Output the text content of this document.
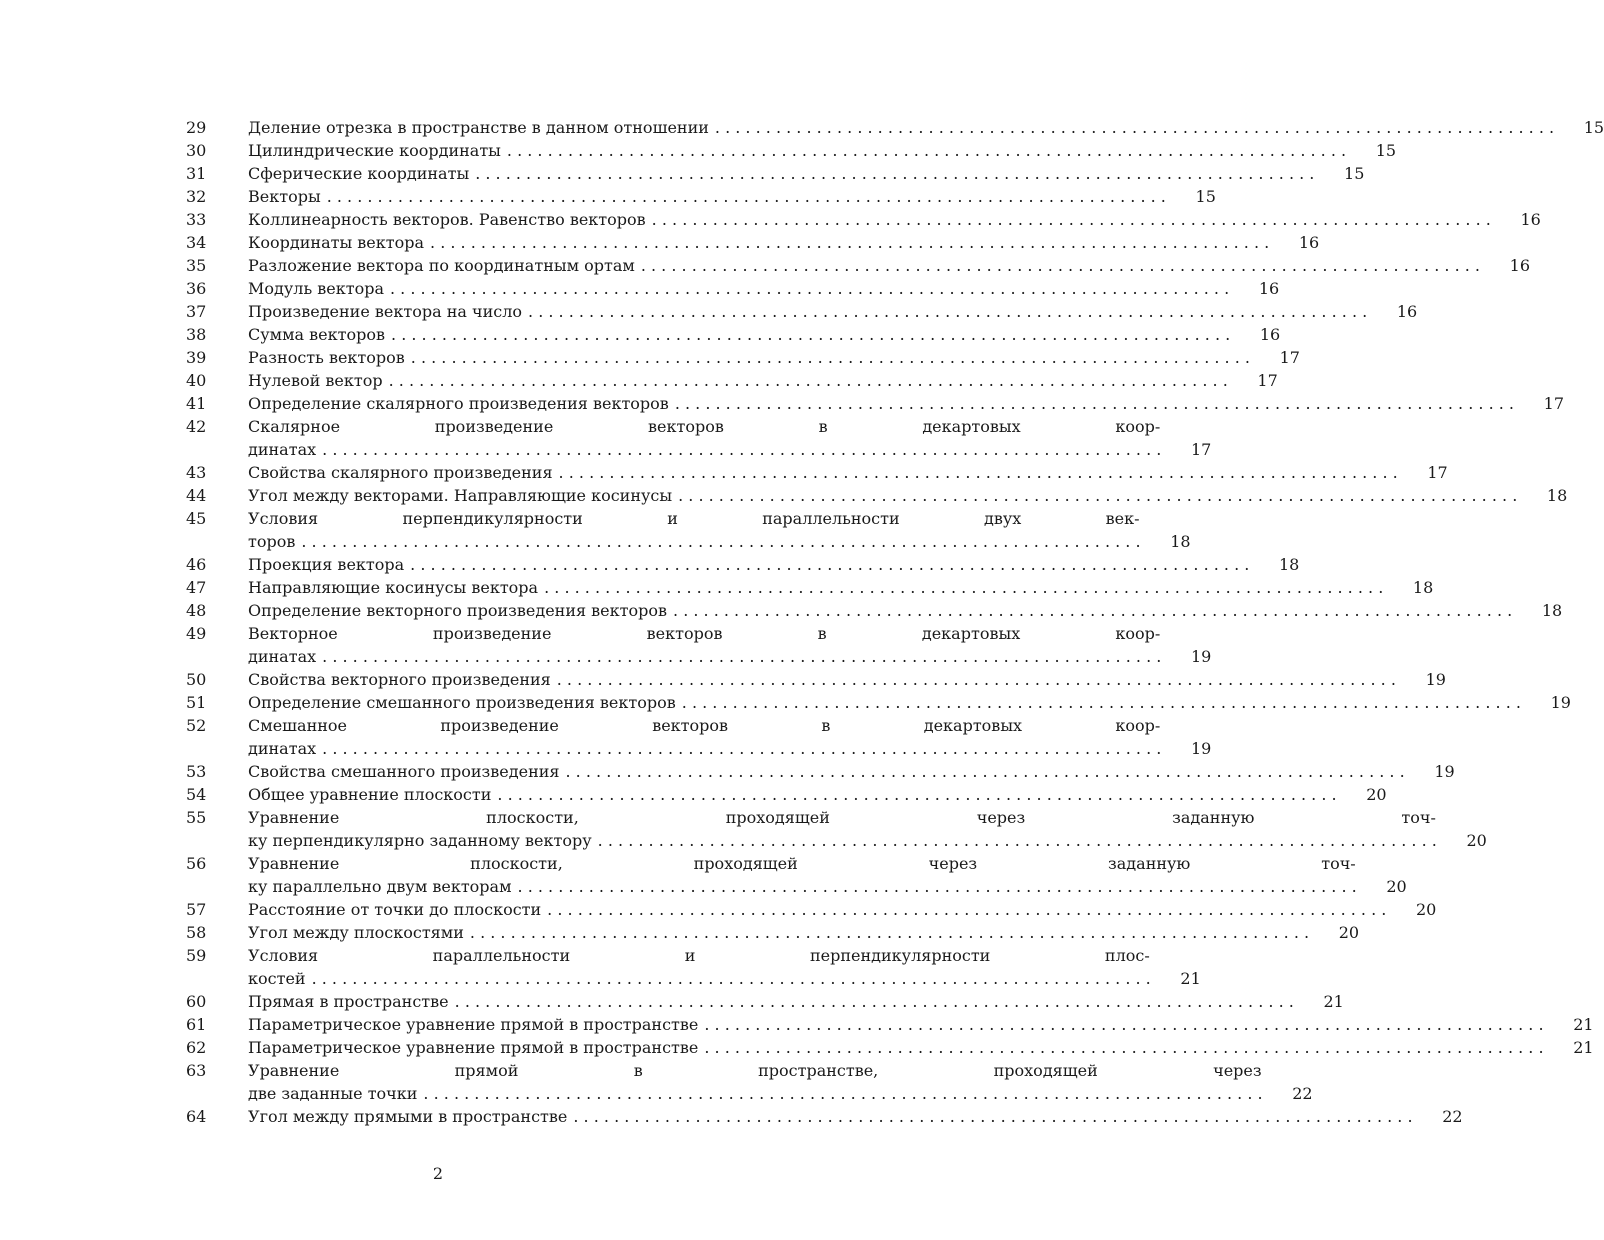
29	Деление отрезка в пространстве в данном отношении . . .	15
30	Цилиндрические координаты . . .	15
31	Сферические координаты . . .	15
32	Векторы . . .	15
33	Коллинеарность векторов. Равенство векторов . . .	16
34	Координаты вектора . . .	16
35	Разложение вектора по координатным ортам . . .	16
36	Модуль вектора . . .	16
37	Произведение вектора на число . . .	16
38	Сумма векторов . . .	16
39	Разность векторов . . .	17
40	Нулевой вектор . . .	17
41	Определение скалярного произведения векторов . . .	17
42	Скалярное произведение векторов в декартовых коор-
динатах . . .	17
43	Свойства скалярного произведения . . .	17
44	Угол между векторами. Направляющие косинусы . . .	18
45	Условия перпендикулярности и параллельности двух век-
торов . . .	18
46	Проекция вектора . . .	18
47	Направляющие косинусы вектора . . .	18
48	Определение векторного произведения векторов . . .	18
49	Векторное произведение векторов в декартовых коор-
динатах . . .	19
50	Свойства векторного произведения . . .	19
51	Определение смешанного произведения векторов . . .	19
52	Смешанное произведение векторов в декартовых коор-
динатах . . .	19
53	Свойства смешанного произведения . . .	19
54	Общее уравнение плоскости . . .	20
55	Уравнение плоскости, проходящей через заданную точ-
ку перпендикулярно заданному вектору . . .	20
56	Уравнение плоскости, проходящей через заданную точ-
ку параллельно двум векторам . . .	20
57	Расстояние от точки до плоскости . . .	20
58	Угол между плоскостями . . .	20
59	Условия параллельности и перпендикулярности плос-
костей . . .	21
60	Прямая в пространстве . . .	21
61	Параметрическое уравнение прямой в пространстве . . .	21
62	Параметрическое уравнение прямой в пространстве . . .	21
63	Уравнение прямой в пространстве, проходящей через
две заданные точки . . .	22
64	Угол между прямыми в пространстве . . .	22
2
